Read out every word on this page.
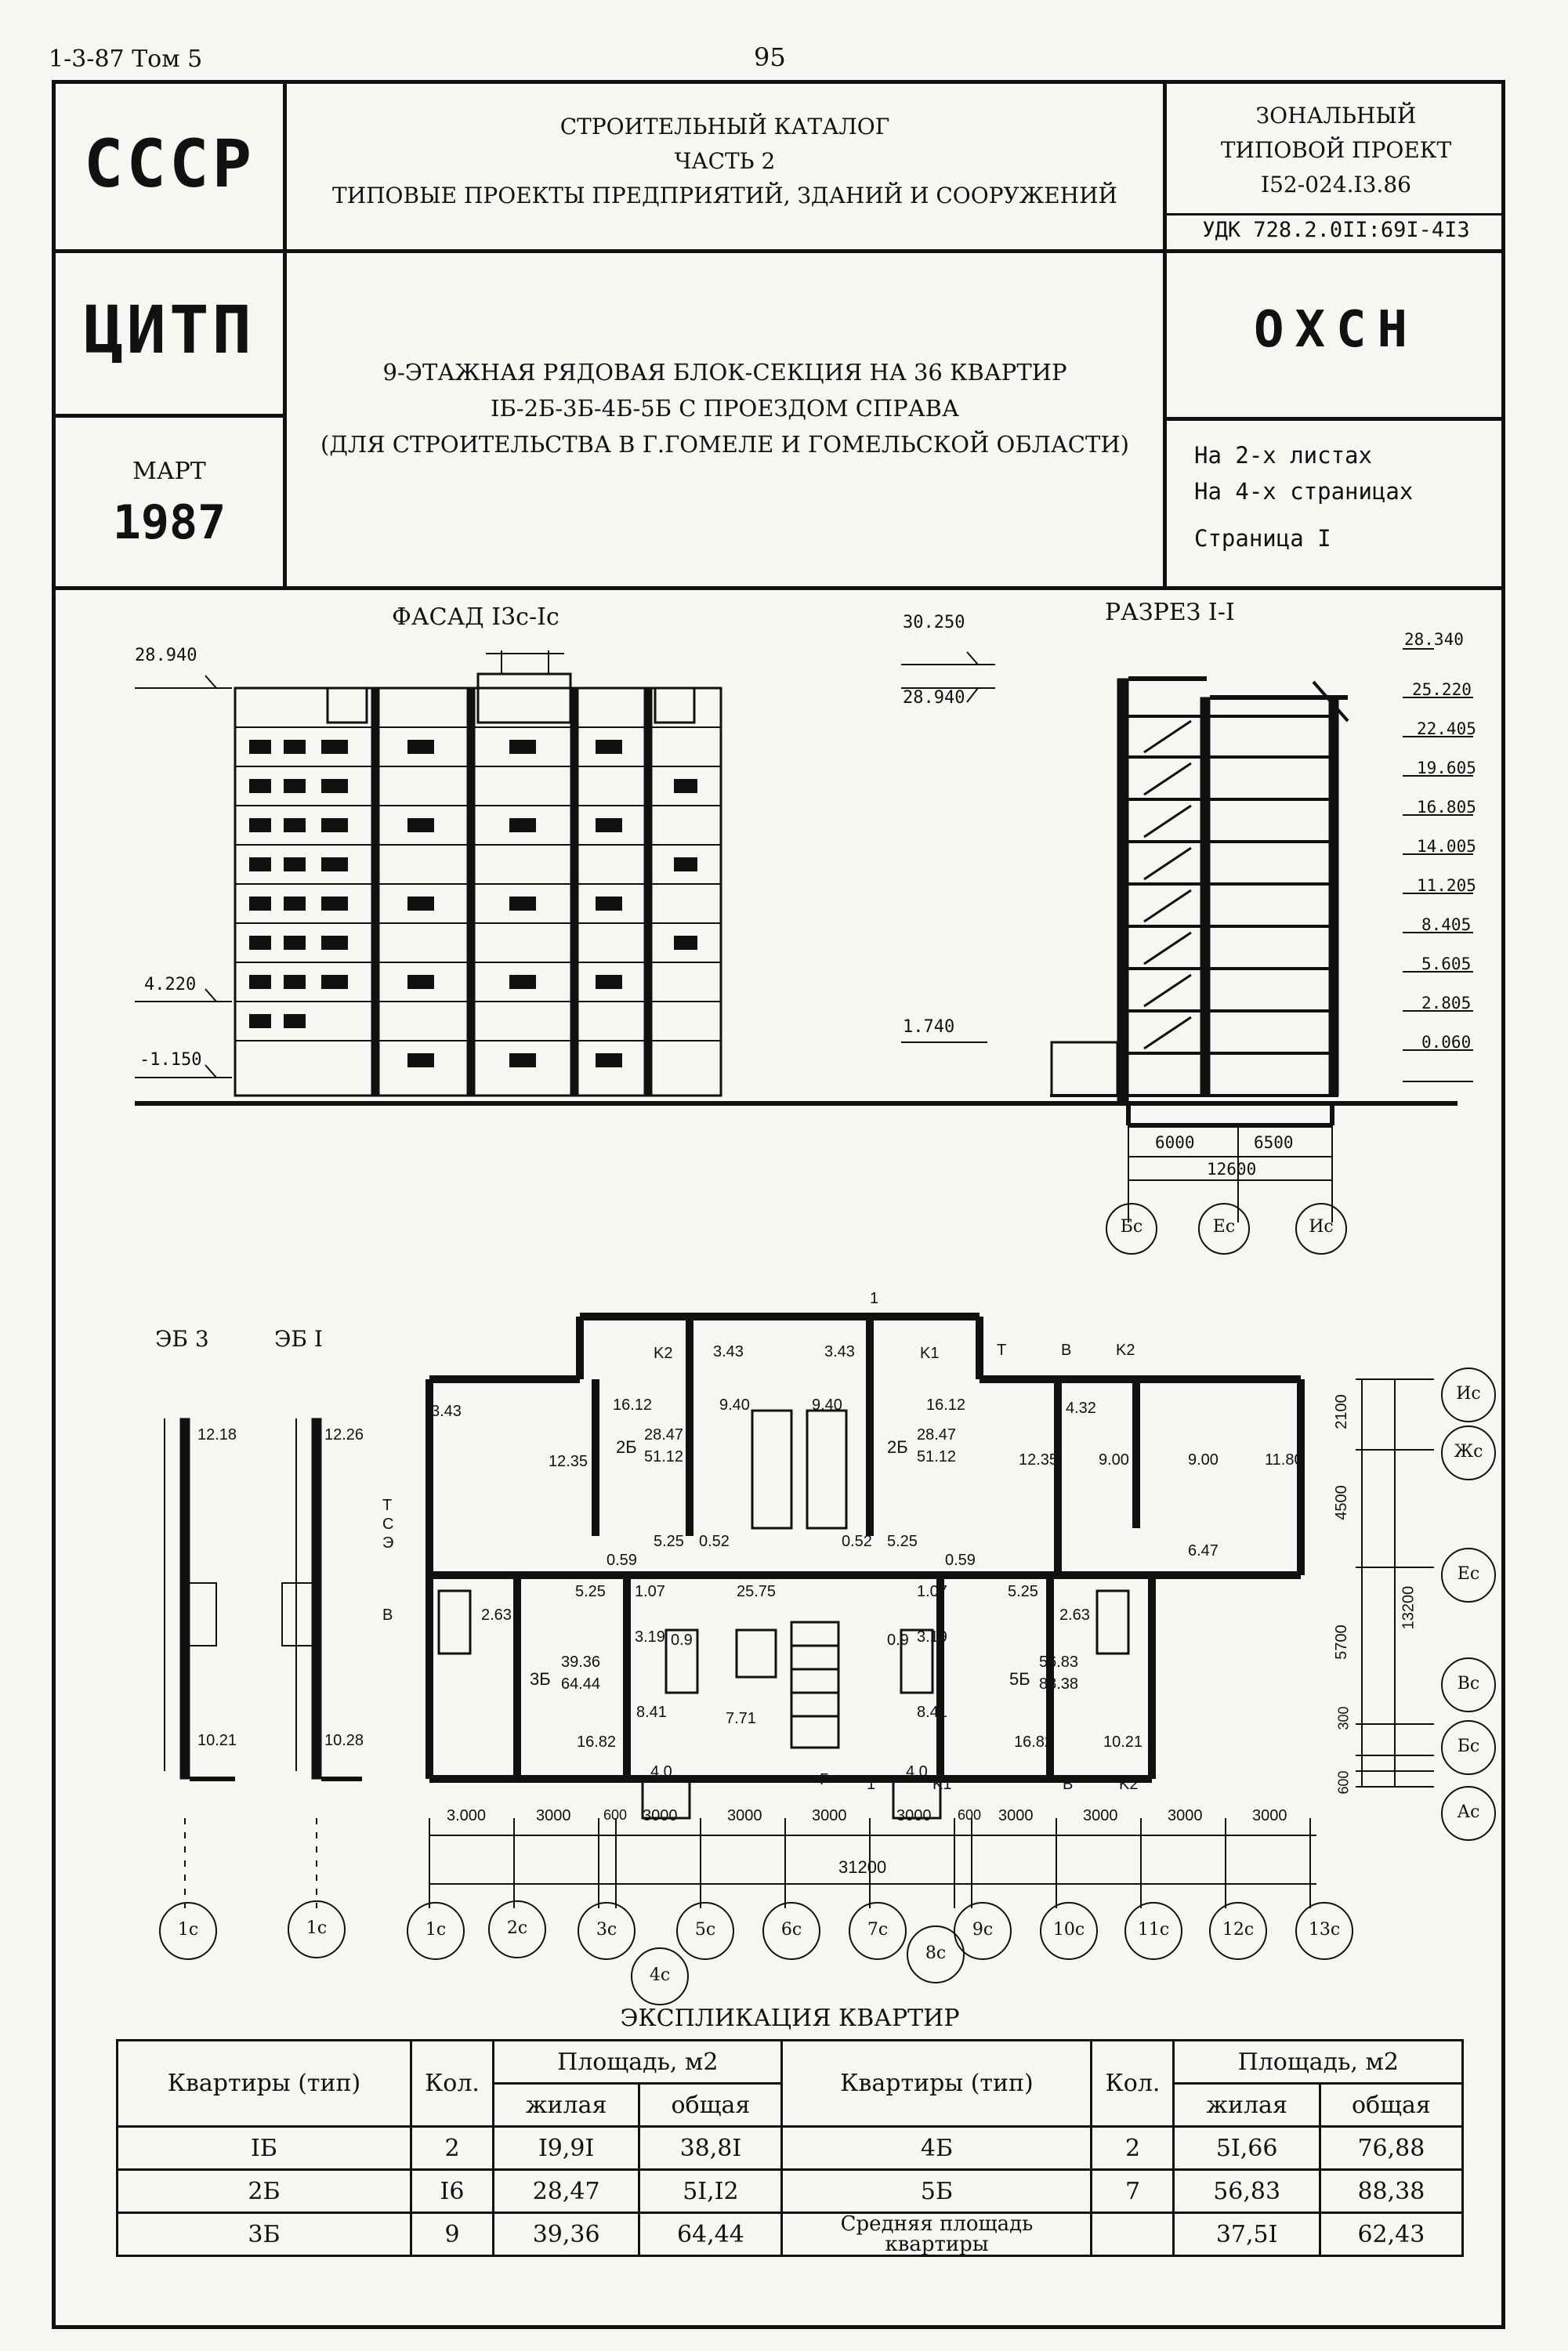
1-3-87 Том 5	95
СССР	СТРОИТЕЛЬНЫЙ КАТАЛОГ
ЧАСТЬ 2
ТИПОВЫЕ ПРОЕКТЫ ПРЕДПРИЯТИЙ, ЗДАНИЙ И СООРУЖЕНИЙ
ЗОНАЛЬНЫЙ
ТИПОВОЙ ПРОЕКТ
I52-024.I3.86
УДК 728.2.0II:69I-4I3
ЦИТП
9-ЭТАЖНАЯ РЯДОВАЯ БЛОК-СЕКЦИЯ НА 36 КВАРТИР
IБ-2Б-3Б-4Б-5Б С ПРОЕЗДОМ СПРАВА
(ДЛЯ СТРОИТЕЛЬСТВА В Г.ГОМЕЛЕ И ГОМЕЛЬСКОЙ ОБЛАСТИ)
ОХСН
МАРТ
1987
На 2-х листах
На 4-х страницах
Страница I
ФАСАД I3с-Iс
28.940
4.220
-1.150
30.250
28.940
1.740
РАЗРЕЗ I-I
28.340
25.220
22.405
19.605
16.805
14.005
11.205
8.405
5.605
2.805
0.060
6000	6500
12600
Бс	Ес	Ис
ЭБ 3	ЭБ I
12.18
10.21
12.26
10.28
3.43	16.12
12.35
2Б
28.47
51.12
9.40
5.25 0.52
0.59
3.43
16.12
2Б
28.47
51.12
9.40
0.52 5.25
0.59
4.32
12.35	9.00	9.00	11.80
6.47
3.43
5.25 1.07
2.63
3Б
39.36
64.44
3.19 0.9
8.41
16.82
7.71
4.0
25.75	1.07	5.25
2.63
0.9 3.19
5Б
56.83
88.38
8.41
16.82	10.21
4.0
K2	K1	T	B	K2
T
C
Э
B
Г 1	B	K2
K1
1
3.000	3000 600 3000	3000	3000	3000 600 3000	3000	3000	3000
31200
2100
4500
5700
300
600
13200
Ис
Жс
Ес
Вс
Бс
Ас
1с	1с	1с	2с	3с
4с
5с	6с	7с
8с
9с	10с	11с	12с	13с
ЭКСПЛИКАЦИЯ КВАРТИР
Квартиры (тип)	Кол.	Площадь, м2		Квартиры (тип)	Кол.	Площадь, м2	
		жилая	общая			жилая	общая
IБ	2	I9,9I	38,8I	4Б	2	5I,66	76,88
2Б	I6	28,47	5I,I2	5Б	7	56,83	88,38
3Б	9	39,36	64,44	Средняя площадь квартиры		37,5I	62,43
